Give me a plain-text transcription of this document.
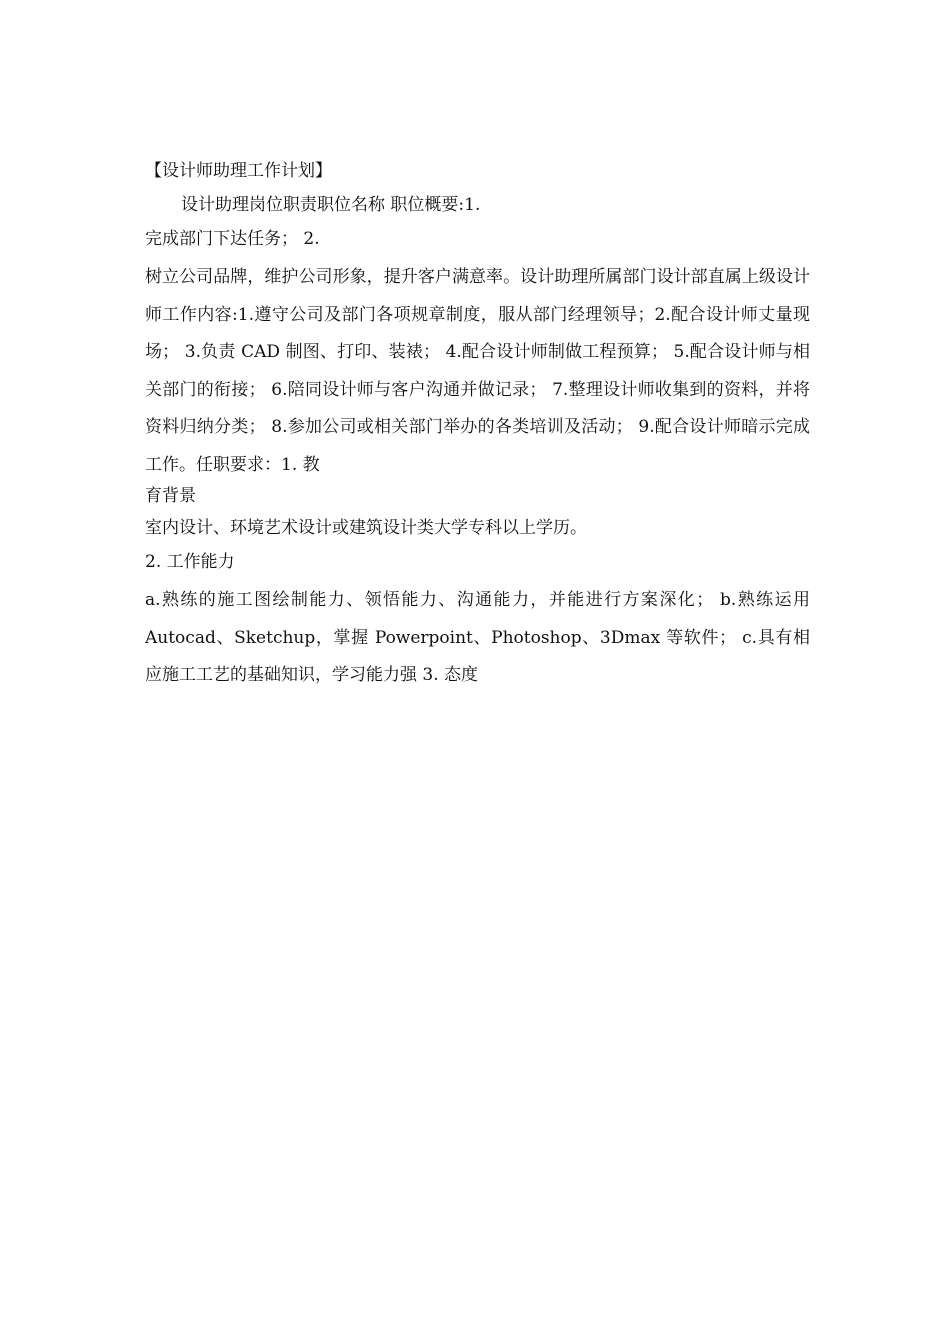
【设计师助理工作计划】
设计助理岗位职责职位名称 职位概要:1.
完成部门下达任务； 2.
树立公司品牌，维护公司形象，提升客户满意率。设计助理所属部门设计部直属上级设计师工作内容:1.遵守公司及部门各项规章制度，服从部门经理领导；2.配合设计师丈量现场； 3.负责 CAD 制图、打印、装裱； 4.配合设计师制做工程预算； 5.配合设计师与相关部门的衔接； 6.陪同设计师与客户沟通并做记录； 7.整理设计师收集到的资料，并将资料归纳分类； 8.参加公司或相关部门举办的各类培训及活动； 9.配合设计师暗示完成工作。任职要求：1. 教
育背景
室内设计、环境艺术设计或建筑设计类大学专科以上学历。
2. 工作能力
a.熟练的施工图绘制能力、领悟能力、沟通能力，并能进行方案深化； b.熟练运用 Autocad、Sketchup，掌握 Powerpoint、Photoshop、3Dmax 等软件； c.具有相应施工工艺的基础知识，学习能力强 3. 态度
